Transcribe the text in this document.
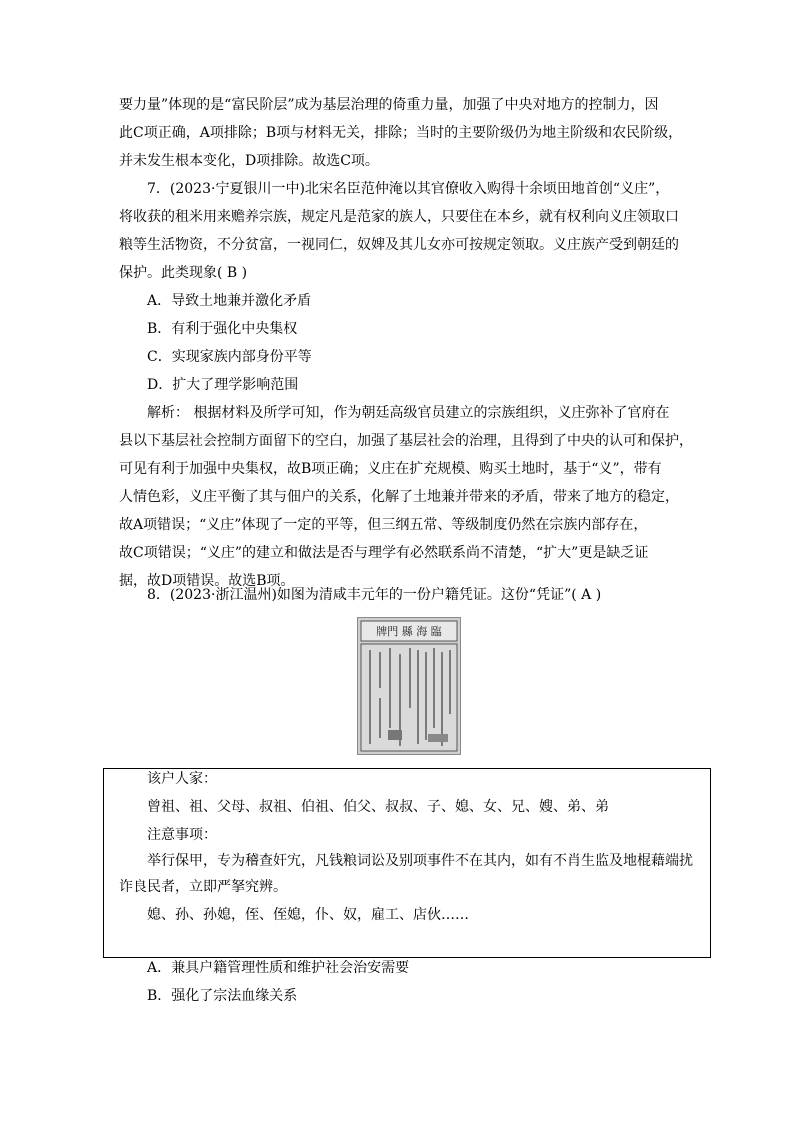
要力量”体现的是“富民阶层”成为基层治理的倚重力量，加强了中央对地方的控制力，因
此C项正确，A项排除；B项与材料无关，排除；当时的主要阶级仍为地主阶级和农民阶级，
并未发生根本变化，D项排除。故选C项。
7．(2023·宁夏银川一中)北宋名臣范仲淹以其官僚收入购得十余顷田地首创“义庄”，
将收获的租米用来赡养宗族，规定凡是范家的族人，只要住在本乡，就有权利向义庄领取口
粮等生活物资，不分贫富，一视同仁，奴婢及其儿女亦可按规定领取。义庄族产受到朝廷的
保护。此类现象( B )
A．导致土地兼并激化矛盾
B．有利于强化中央集权
C．实现家族内部身份平等
D．扩大了理学影响范围
解析： 根据材料及所学可知，作为朝廷高级官员建立的宗族组织，义庄弥补了官府在
县以下基层社会控制方面留下的空白，加强了基层社会的治理，且得到了中央的认可和保护，
可见有利于加强中央集权，故B项正确；义庄在扩充规模、购买土地时，基于“义”，带有
人情色彩，义庄平衡了其与佃户的关系，化解了土地兼并带来的矛盾，带来了地方的稳定，
故A项错误；“义庄”体现了一定的平等，但三纲五常、等级制度仍然在宗族内部存在，
故C项错误；“义庄”的建立和做法是否与理学有必然联系尚不清楚，“扩大”更是缺乏证
据，故D项错误。故选B项。
8．(2023·浙江温州)如图为清咸丰元年的一份户籍凭证。这份“凭证”( A )
牌門 縣 海 臨
该户人家：
曾祖、祖、父母、叔祖、伯祖、伯父、叔叔、子、媳、女、兄、嫂、弟、弟
注意事项：
举行保甲，专为稽查奸宄，凡钱粮词讼及别项事件不在其内，如有不肖生监及地棍藉端扰
诈良民者，立即严拏究辨。
媳、孙、孙媳，侄、侄媳，仆、奴，雇工、店伙……
A．兼具户籍管理性质和维护社会治安需要
B．强化了宗法血缘关系
